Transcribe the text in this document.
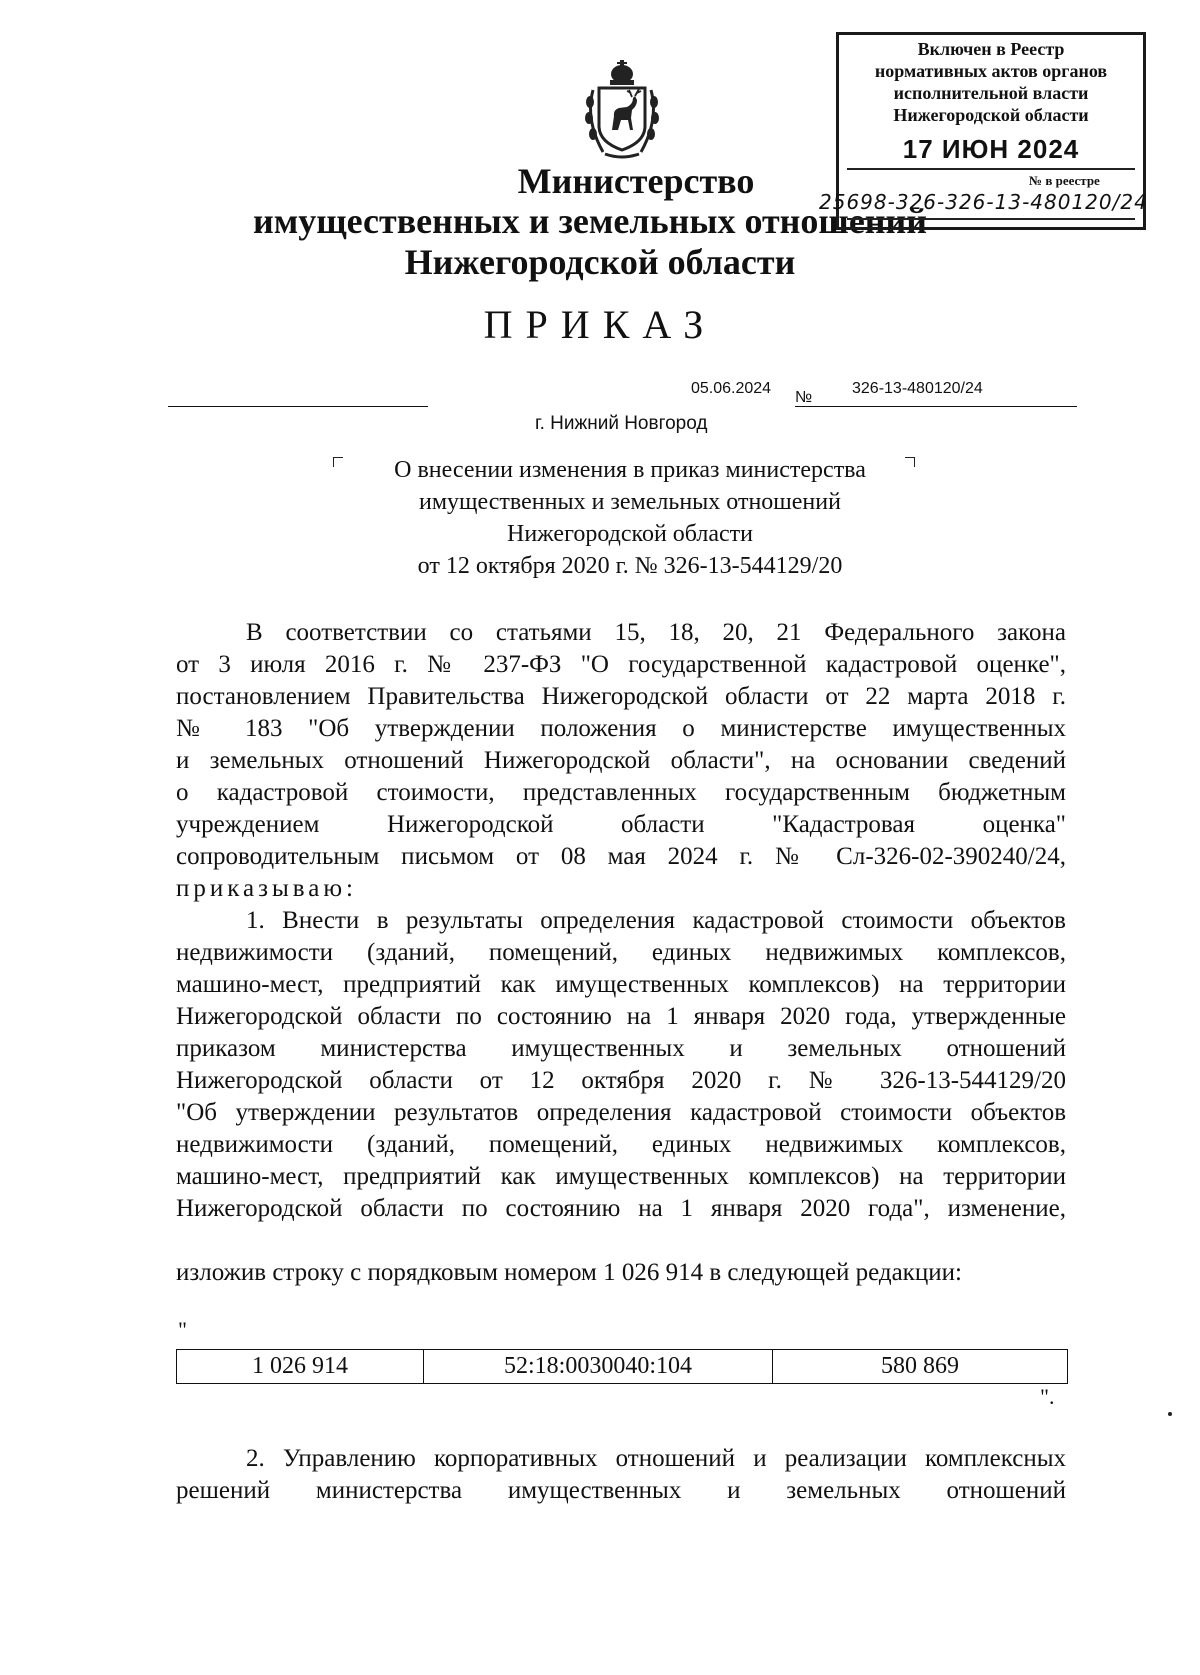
Министерство
имущественных и земельных отношений
Нижегородской области
ПРИКАЗ
Включен в Реестр
нормативных актов органов
исполнительной власти
Нижегородской области
17 ИЮН 2024
№ в реестре
25698-326-326-13-480120/24
05.06.2024
№
326-13-480120/24
г. Нижний Новгород
О внесении изменения в приказ министерства
имущественных и земельных отношений
Нижегородской области
от 12 октября 2020 г. № 326-13-544129/20
В соответствии со статьями 15, 18, 20, 21 Федерального закона
от 3 июля 2016 г. № 237-ФЗ "О государственной кадастровой оценке",
постановлением Правительства Нижегородской области от 22 марта 2018 г.
№ 183 "Об утверждении положения о министерстве имущественных
и земельных отношений Нижегородской области", на основании сведений
о кадастровой стоимости, представленных государственным бюджетным
учреждением Нижегородской области "Кадастровая оценка"
сопроводительным письмом от 08 мая 2024 г. № Сл-326-02-390240/24,
приказываю:
1. Внести в результаты определения кадастровой стоимости объектов
недвижимости (зданий, помещений, единых недвижимых комплексов,
машино-мест, предприятий как имущественных комплексов) на территории
Нижегородской области по состоянию на 1 января 2020 года, утвержденные
приказом министерства имущественных и земельных отношений
Нижегородской области от 12 октября 2020 г. № 326-13-544129/20
"Об утверждении результатов определения кадастровой стоимости объектов
недвижимости (зданий, помещений, единых недвижимых комплексов,
машино-мест, предприятий как имущественных комплексов) на территории
Нижегородской области по состоянию на 1 января 2020 года", изменение,
изложив строку с порядковым номером 1 026 914 в следующей редакции:
"
1 026 914	52:18:0030040:104	580 869
".
2. Управлению корпоративных отношений и реализации комплексных
решений министерства имущественных и земельных отношений
